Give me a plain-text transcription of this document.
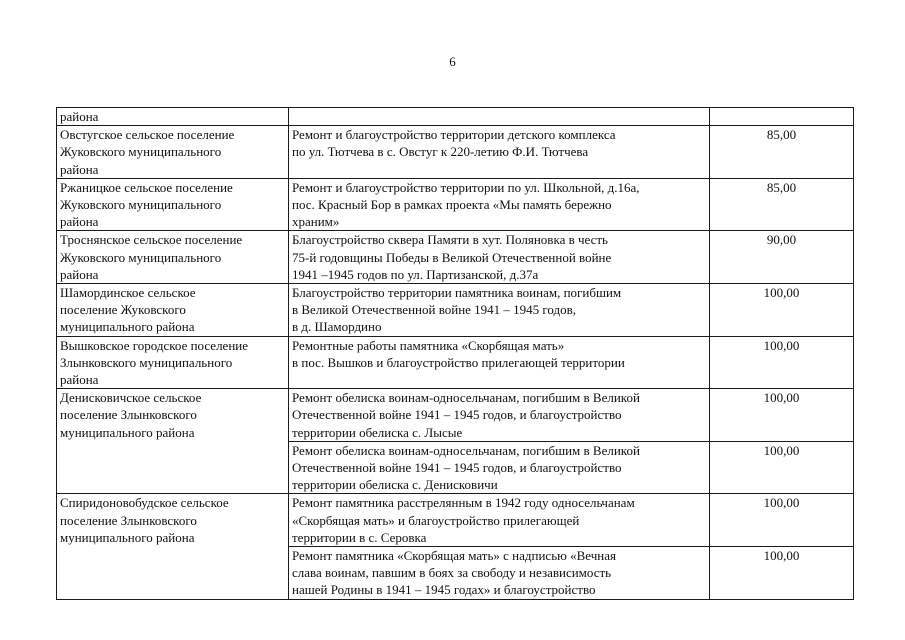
6
района		

Овстугское сельское поселение
Жуковского муниципального
района	Ремонт и благоустройство территории детского комплекса
по ул. Тютчева в с. Овстуг к 220-летию Ф.И. Тютчева	85,00

Ржаницкое сельское поселение
Жуковского муниципального
района	Ремонт и благоустройство территории по ул. Школьной, д.16а,
пос. Красный Бор в рамках проекта «Мы память бережно
храним»	85,00

Троснянское сельское поселение
Жуковского муниципального
района	Благоустройство сквера Памяти в хут. Поляновка в честь
75-й годовщины Победы в Великой Отечественной войне
1941 –1945 годов по ул. Партизанской, д.37а	90,00

Шамординское сельское
поселение Жуковского
муниципального района	Благоустройство территории памятника воинам, погибшим
в Великой Отечественной войне 1941 – 1945 годов,
в д. Шамордино	100,00

Вышковское городское поселение
Злынковского муниципального
района	Ремонтные работы памятника «Скорбящая мать»
в пос. Вышков и благоустройство прилегающей территории	100,00

Денисковичское сельское
поселение Злынковского
муниципального района	Ремонт обелиска воинам-односельчанам, погибшим в Великой
Отечественной войне 1941 – 1945 годов, и благоустройство
территории обелиска с. Лысые	100,00

	Ремонт обелиска воинам-односельчанам, погибшим в Великой
Отечественной войне 1941 – 1945 годов, и благоустройство
территории обелиска с. Денисковичи	100,00

Спиридоновобудское сельское
поселение Злынковского
муниципального района	Ремонт памятника расстрелянным в 1942 году односельчанам
«Скорбящая мать» и благоустройство прилегающей
территории в с. Серовка	100,00

	Ремонт памятника «Скорбящая мать» с надписью «Вечная
слава воинам, павшим в боях за свободу и независимость
нашей Родины в 1941 – 1945 годах» и благоустройство	100,00
